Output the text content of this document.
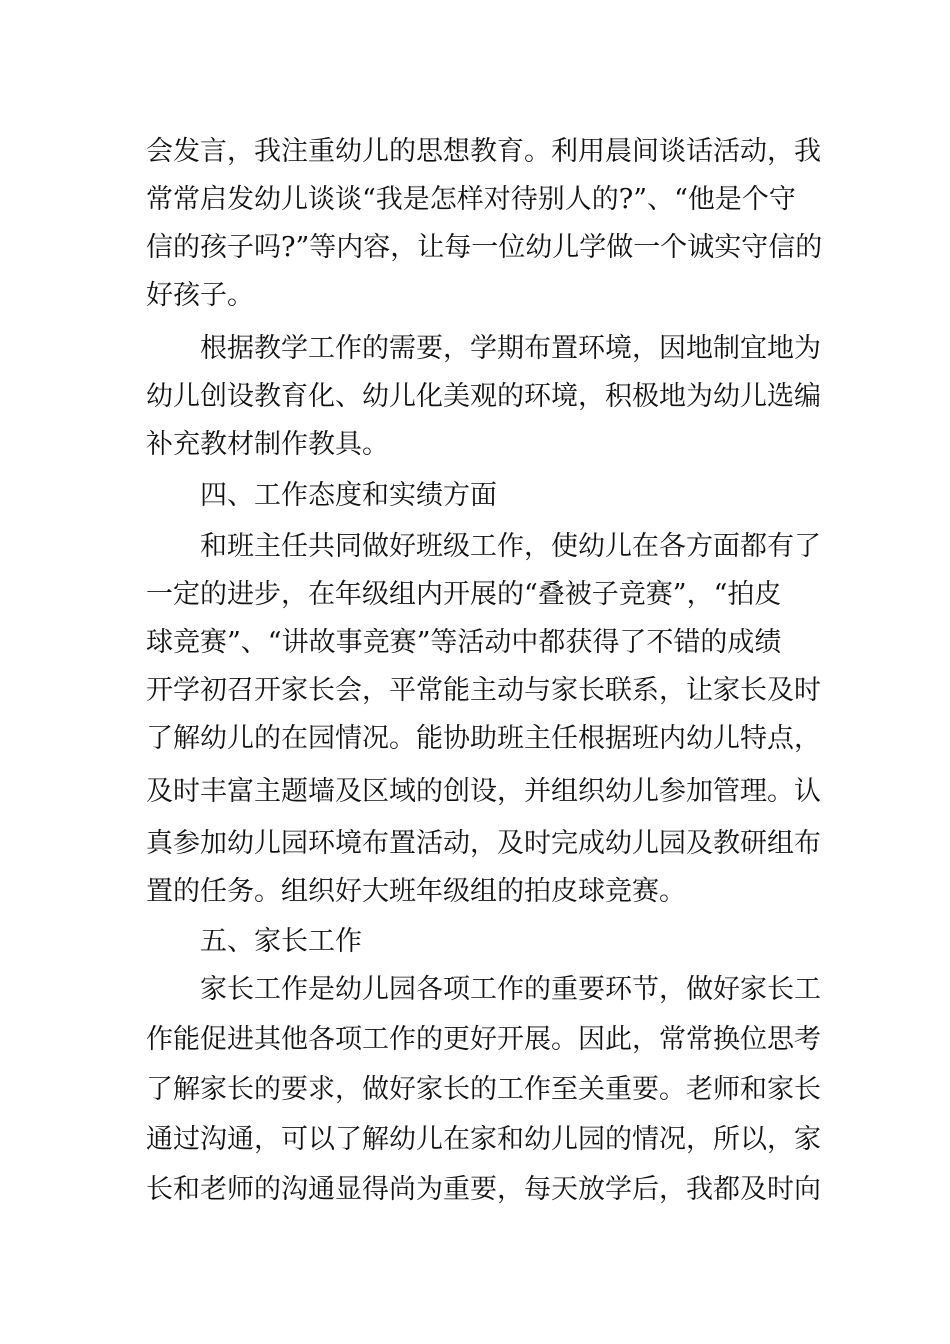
会发言，我注重幼儿的思想教育。利用晨间谈话活动，我
常常启发幼儿谈谈“我是怎样对待别人的?”、“他是个守
信的孩子吗?”等内容，让每一位幼儿学做一个诚实守信的
好孩子。
根据教学工作的需要，学期布置环境，因地制宜地为
幼儿创设教育化、幼儿化美观的环境，积极地为幼儿选编
补充教材制作教具。
四、工作态度和实绩方面
和班主任共同做好班级工作，使幼儿在各方面都有了
一定的进步，在年级组内开展的“叠被子竞赛”，“拍皮
球竞赛”、“讲故事竞赛”等活动中都获得了不错的成绩
开学初召开家长会，平常能主动与家长联系，让家长及时
了解幼儿的在园情况。能协助班主任根据班内幼儿特点，
及时丰富主题墙及区域的创设，并组织幼儿参加管理。认
真参加幼儿园环境布置活动，及时完成幼儿园及教研组布
置的任务。组织好大班年级组的拍皮球竞赛。
五、家长工作
家长工作是幼儿园各项工作的重要环节，做好家长工
作能促进其他各项工作的更好开展。因此，常常换位思考
了解家长的要求，做好家长的工作至关重要。老师和家长
通过沟通，可以了解幼儿在家和幼儿园的情况，所以，家
长和老师的沟通显得尚为重要，每天放学后，我都及时向
